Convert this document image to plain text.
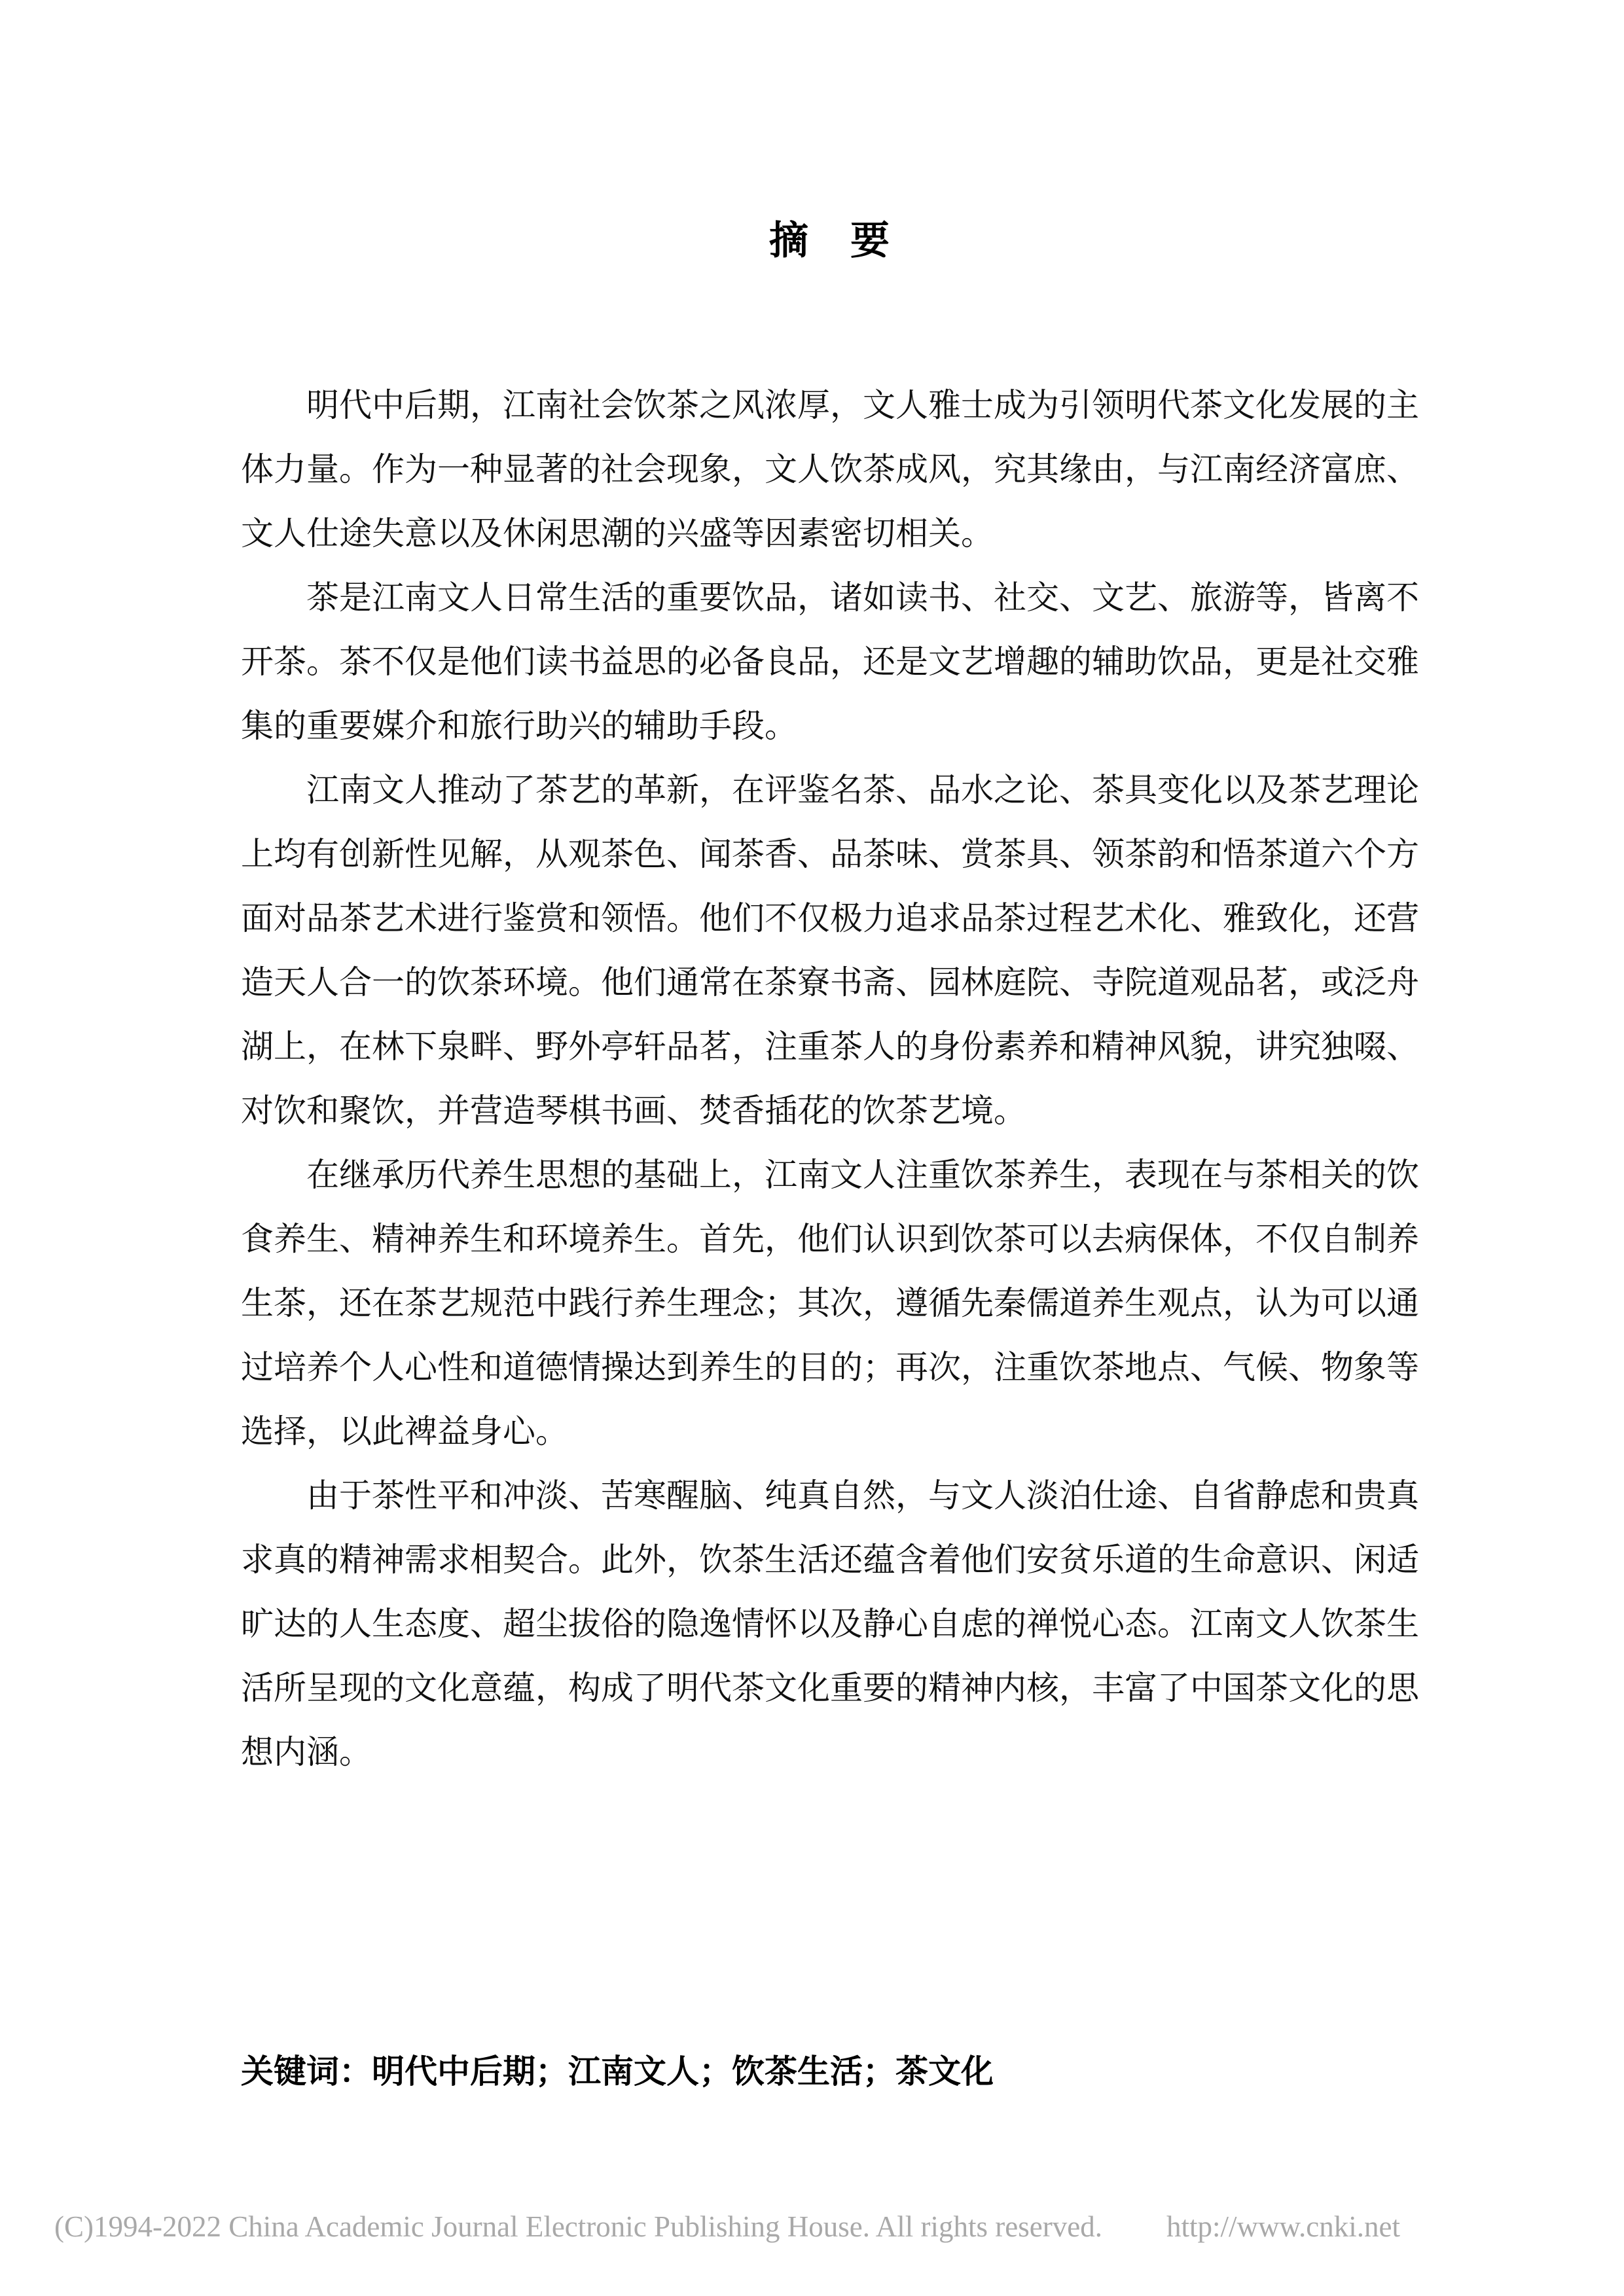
摘　要
明代中后期，江南社会饮茶之风浓厚，文人雅士成为引领明代茶文化发展的主
体力量。作为一种显著的社会现象，文人饮茶成风，究其缘由，与江南经济富庶、
文人仕途失意以及休闲思潮的兴盛等因素密切相关。
茶是江南文人日常生活的重要饮品，诸如读书、社交、文艺、旅游等，皆离不
开茶。茶不仅是他们读书益思的必备良品，还是文艺增趣的辅助饮品，更是社交雅
集的重要媒介和旅行助兴的辅助手段。
江南文人推动了茶艺的革新，在评鉴名茶、品水之论、茶具变化以及茶艺理论
上均有创新性见解，从观茶色、闻茶香、品茶味、赏茶具、领茶韵和悟茶道六个方
面对品茶艺术进行鉴赏和领悟。他们不仅极力追求品茶过程艺术化、雅致化，还营
造天人合一的饮茶环境。他们通常在茶寮书斋、园林庭院、寺院道观品茗，或泛舟
湖上，在林下泉畔、野外亭轩品茗，注重茶人的身份素养和精神风貌，讲究独啜、
对饮和聚饮，并营造琴棋书画、焚香插花的饮茶艺境。
在继承历代养生思想的基础上，江南文人注重饮茶养生，表现在与茶相关的饮
食养生、精神养生和环境养生。首先，他们认识到饮茶可以去病保体，不仅自制养
生茶，还在茶艺规范中践行养生理念；其次，遵循先秦儒道养生观点，认为可以通
过培养个人心性和道德情操达到养生的目的；再次，注重饮茶地点、气候、物象等
选择，以此裨益身心。
由于茶性平和冲淡、苦寒醒脑、纯真自然，与文人淡泊仕途、自省静虑和贵真
求真的精神需求相契合。此外，饮茶生活还蕴含着他们安贫乐道的生命意识、闲适
旷达的人生态度、超尘拔俗的隐逸情怀以及静心自虑的禅悦心态。江南文人饮茶生
活所呈现的文化意蕴，构成了明代茶文化重要的精神内核，丰富了中国茶文化的思
想内涵。
关键词：明代中后期；江南文人；饮茶生活；茶文化
(C)1994-2022 China Academic Journal Electronic Publishing House. All rights reserved. http://www.cnki.net
